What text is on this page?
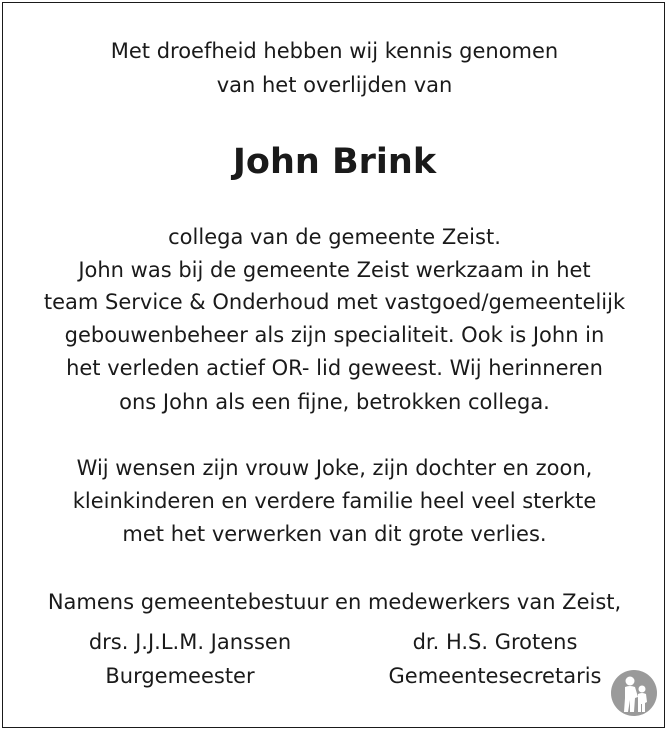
Met droefheid hebben wij kennis genomen
van het overlijden van
John Brink
collega van de gemeente Zeist.
John was bij de gemeente Zeist werkzaam in het
team Service & Onderhoud met vastgoed/gemeentelijk
gebouwenbeheer als zijn specialiteit. Ook is John in
het verleden actief OR- lid geweest. Wij herinneren
ons John als een fijne, betrokken collega.
Wij wensen zijn vrouw Joke, zijn dochter en zoon,
kleinkinderen en verdere familie heel veel sterkte
met het verwerken van dit grote verlies.
Namens gemeentebestuur en medewerkers van Zeist,
drs. J.J.L.M. Janssen
Burgemeester
dr. H.S. Grotens
Gemeentesecretaris
